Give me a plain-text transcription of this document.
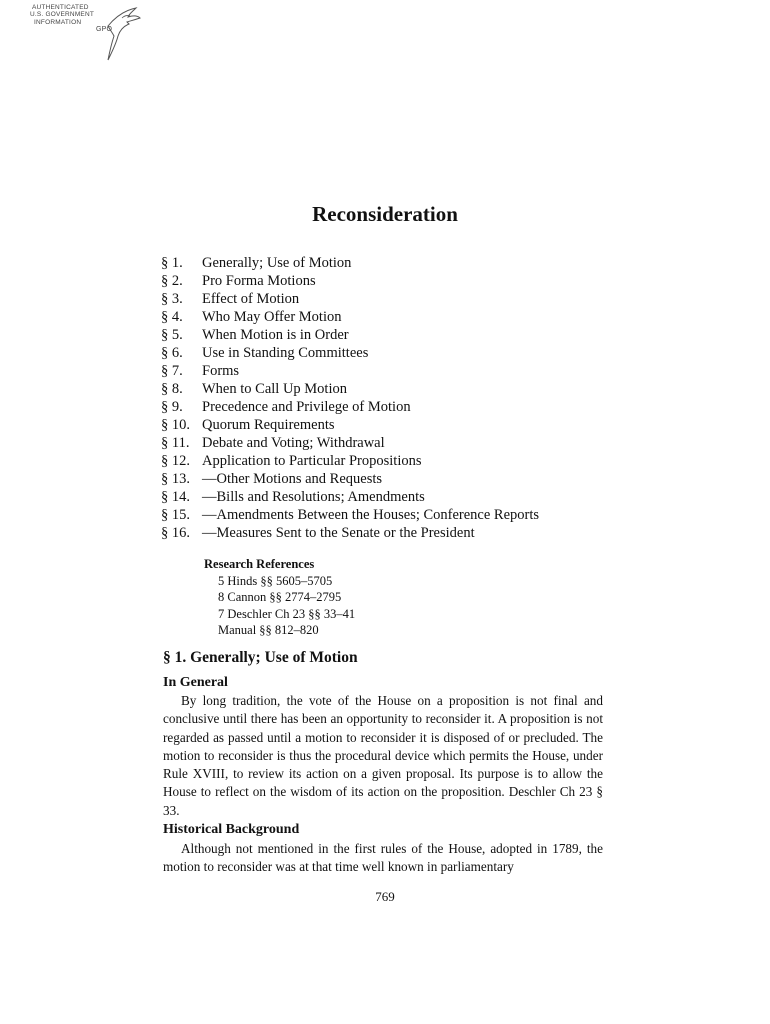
AUTHENTICATED
U.S. GOVERNMENT
INFORMATION
GPO
Reconsideration
§ 1. Generally; Use of Motion
§ 2. Pro Forma Motions
§ 3. Effect of Motion
§ 4. Who May Offer Motion
§ 5. When Motion is in Order
§ 6. Use in Standing Committees
§ 7. Forms
§ 8. When to Call Up Motion
§ 9. Precedence and Privilege of Motion
§ 10. Quorum Requirements
§ 11. Debate and Voting; Withdrawal
§ 12. Application to Particular Propositions
§ 13. —Other Motions and Requests
§ 14. —Bills and Resolutions; Amendments
§ 15. —Amendments Between the Houses; Conference Reports
§ 16. —Measures Sent to the Senate or the President
Research References
5 Hinds §§ 5605–5705
8 Cannon §§ 2774–2795
7 Deschler Ch 23 §§ 33–41
Manual §§ 812–820
§ 1. Generally; Use of Motion
In General

By long tradition, the vote of the House on a proposition is not final and conclusive until there has been an opportunity to reconsider it. A proposition is not regarded as passed until a motion to reconsider it is disposed of or precluded. The motion to reconsider is thus the procedural device which permits the House, under Rule XVIII, to review its action on a given proposal. Its purpose is to allow the House to reflect on the wisdom of its action on the proposition. Deschler Ch 23 § 33.

Historical Background

Although not mentioned in the first rules of the House, adopted in 1789, the motion to reconsider was at that time well known in parliamentary

769
